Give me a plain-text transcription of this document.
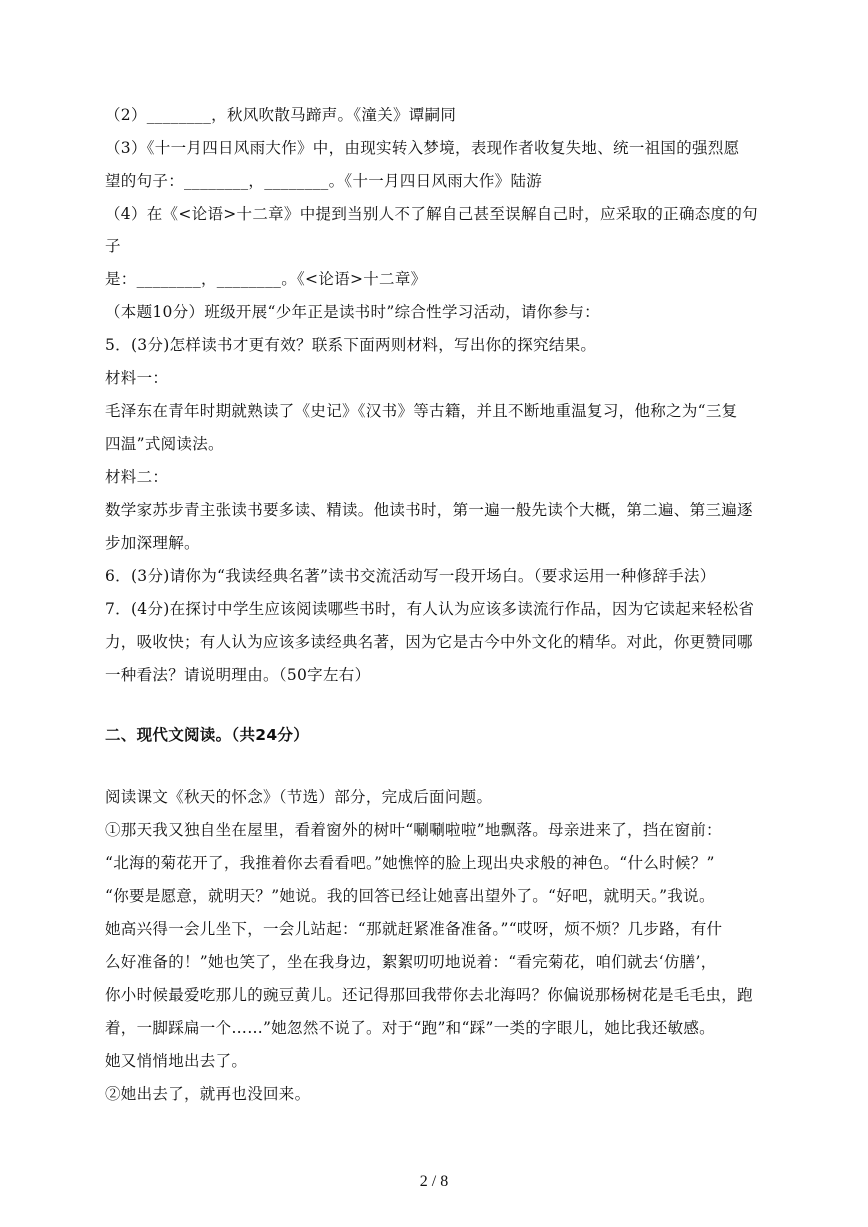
（2）________，秋风吹散马蹄声。《潼关》谭嗣同
（3）《十一月四日风雨大作》中，由现实转入梦境，表现作者收复失地、统一祖国的强烈愿
望的句子：________，________。《十一月四日风雨大作》陆游
（4）在《<论语>十二章》中提到当别人不了解自己甚至误解自己时，应采取的正确态度的句
子
是：________，________。《<论语>十二章》
（本题10分）班级开展“少年正是读书时”综合性学习活动，请你参与：
5．(3分)怎样读书才更有效？联系下面两则材料，写出你的探究结果。
材料一：
毛泽东在青年时期就熟读了《史记》《汉书》等古籍，并且不断地重温复习，他称之为“三复
四温”式阅读法。
材料二：
数学家苏步青主张读书要多读、精读。他读书时，第一遍一般先读个大概，第二遍、第三遍逐
步加深理解。
6．(3分)请你为“我读经典名著”读书交流活动写一段开场白。（要求运用一种修辞手法）
7．(4分)在探讨中学生应该阅读哪些书时，有人认为应该多读流行作品，因为它读起来轻松省
力，吸收快；有人认为应该多读经典名著，因为它是古今中外文化的精华。对此，你更赞同哪
一种看法？请说明理由。（50字左右）
二、现代文阅读。（共24分）
阅读课文《秋天的怀念》（节选）部分，完成后面问题。
①那天我又独自坐在屋里，看着窗外的树叶“唰唰啦啦”地飘落。母亲进来了，挡在窗前：
“北海的菊花开了，我推着你去看看吧。”她憔悴的脸上现出央求般的神色。“什么时候？”
“你要是愿意，就明天？”她说。我的回答已经让她喜出望外了。“好吧，就明天。”我说。
她高兴得一会儿坐下，一会儿站起：“那就赶紧准备准备。”“哎呀，烦不烦？几步路，有什
么好准备的！”她也笑了，坐在我身边，絮絮叨叨地说着：“看完菊花，咱们就去‘仿膳’，
你小时候最爱吃那儿的豌豆黄儿。还记得那回我带你去北海吗？你偏说那杨树花是毛毛虫，跑
着，一脚踩扁一个……”她忽然不说了。对于“跑”和“踩”一类的字眼儿，她比我还敏感。
她又悄悄地出去了。
②她出去了，就再也没回来。
2 / 8
